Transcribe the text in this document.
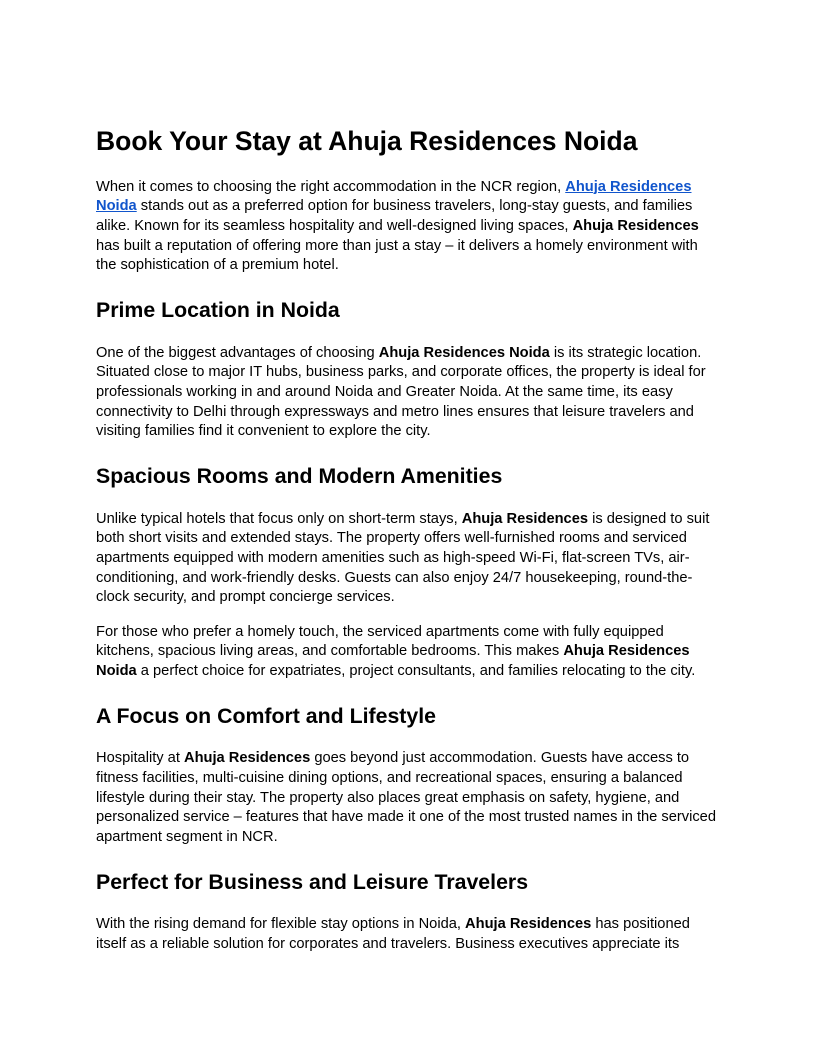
Book Your Stay at Ahuja Residences Noida

When it comes to choosing the right accommodation in the NCR region, Ahuja Residences Noida stands out as a preferred option for business travelers, long-stay guests, and families alike. Known for its seamless hospitality and well-designed living spaces, Ahuja Residences has built a reputation of offering more than just a stay – it delivers a homely environment with the sophistication of a premium hotel.

Prime Location in Noida

One of the biggest advantages of choosing Ahuja Residences Noida is its strategic location. Situated close to major IT hubs, business parks, and corporate offices, the property is ideal for professionals working in and around Noida and Greater Noida. At the same time, its easy connectivity to Delhi through expressways and metro lines ensures that leisure travelers and visiting families find it convenient to explore the city.

Spacious Rooms and Modern Amenities

Unlike typical hotels that focus only on short-term stays, Ahuja Residences is designed to suit both short visits and extended stays. The property offers well-furnished rooms and serviced apartments equipped with modern amenities such as high-speed Wi-Fi, flat-screen TVs, air-conditioning, and work-friendly desks. Guests can also enjoy 24/7 housekeeping, round-the-clock security, and prompt concierge services.

For those who prefer a homely touch, the serviced apartments come with fully equipped kitchens, spacious living areas, and comfortable bedrooms. This makes Ahuja Residences Noida a perfect choice for expatriates, project consultants, and families relocating to the city.

A Focus on Comfort and Lifestyle

Hospitality at Ahuja Residences goes beyond just accommodation. Guests have access to fitness facilities, multi-cuisine dining options, and recreational spaces, ensuring a balanced lifestyle during their stay. The property also places great emphasis on safety, hygiene, and personalized service – features that have made it one of the most trusted names in the serviced apartment segment in NCR.

Perfect for Business and Leisure Travelers

With the rising demand for flexible stay options in Noida, Ahuja Residences has positioned itself as a reliable solution for corporates and travelers. Business executives appreciate its
